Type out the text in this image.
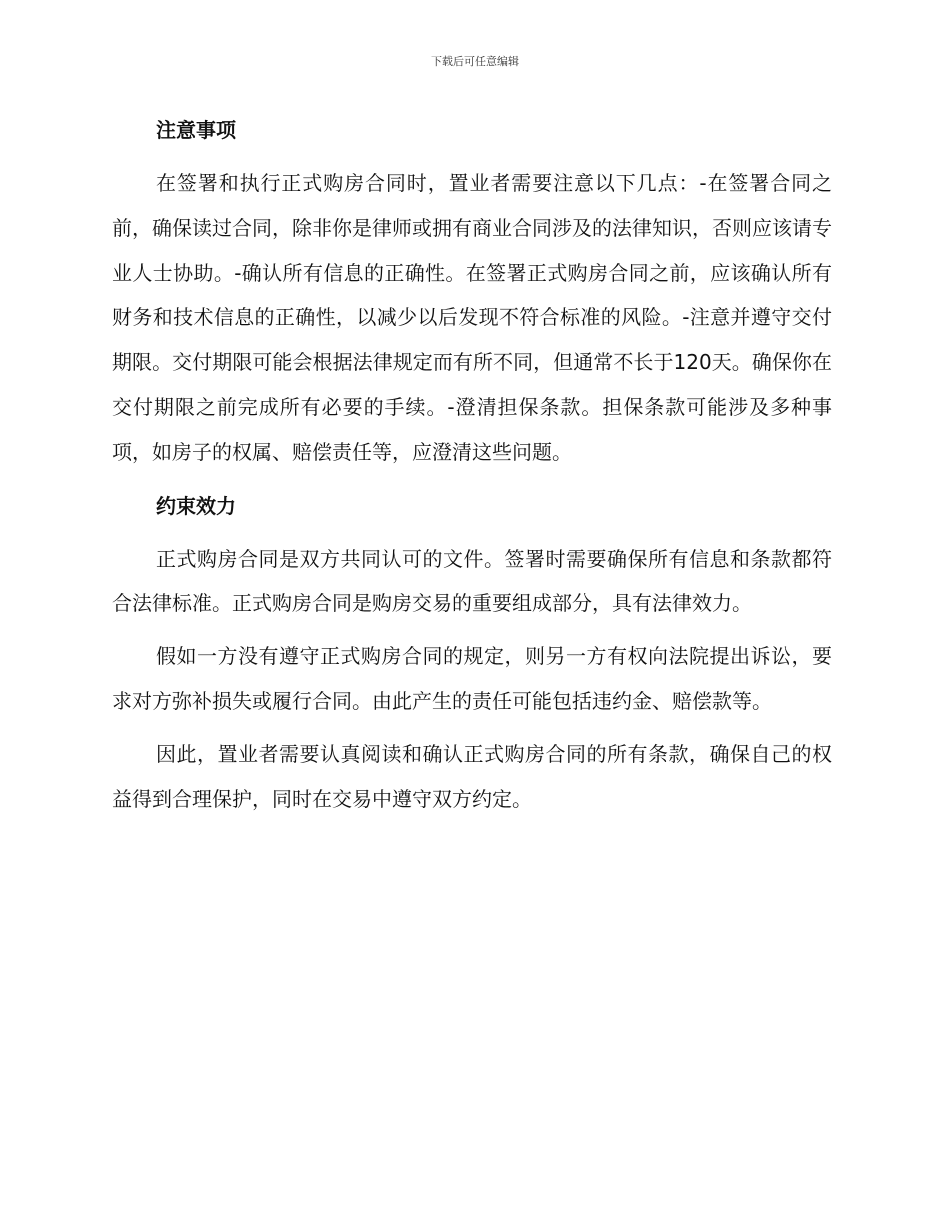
下载后可任意编辑
注意事项

在签署和执行正式购房合同时，置业者需要注意以下几点：‐在签署合同之前，确保读过合同，除非你是律师或拥有商业合同涉及的法律知识，否则应该请专业人士协助。‐确认所有信息的正确性。在签署正式购房合同之前，应该确认所有财务和技术信息的正确性，以减少以后发现不符合标准的风险。‐注意并遵守交付期限。交付期限可能会根据法律规定而有所不同，但通常不长于120天。确保你在交付期限之前完成所有必要的手续。‐澄清担保条款。担保条款可能涉及多种事项，如房子的权属、赔偿责任等，应澄清这些问题。

约束效力

正式购房合同是双方共同认可的文件。签署时需要确保所有信息和条款都符合法律标准。正式购房合同是购房交易的重要组成部分，具有法律效力。

假如一方没有遵守正式购房合同的规定，则另一方有权向法院提出诉讼，要求对方弥补损失或履行合同。由此产生的责任可能包括违约金、赔偿款等。

因此，置业者需要认真阅读和确认正式购房合同的所有条款，确保自己的权益得到合理保护，同时在交易中遵守双方约定。
